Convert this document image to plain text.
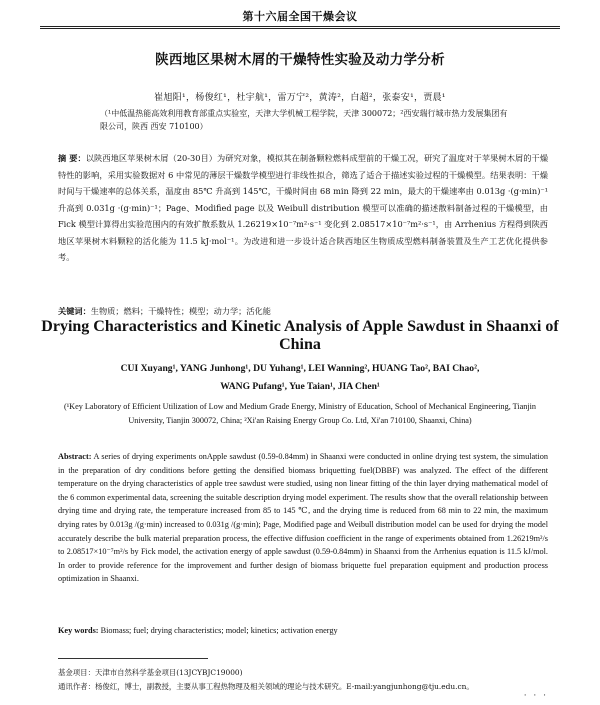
第十六届全国干燥会议
陕西地区果树木屑的干燥特性实验及动力学分析
崔旭阳¹，杨俊红¹，杜宇航¹，雷万宁²，黄涛²，白超²，张泰安¹，贾晨¹
（¹中低温热能高效利用教育部重点实验室，天津大学机械工程学院，天津 300072；²西安瑞行城市热力发展集团有限公司，陕西 西安 710100）
摘 要：以陕西地区苹果树木屑（20-30目）为研究对象，模拟其在制备颗粒燃料成型前的干燥工况，研究了温度对于苹果树木屑的干燥特性的影响，采用实验数据对 6 中常见的薄层干燥数学模型进行非线性拟合，筛选了适合于描述实验过程的干燥模型。结果表明：干燥时间与干燥速率的总体关系，温度由 85℃ 升高到 145℃，干燥时间由 68 min 降到 22 min，最大的干燥速率由 0.013g ·(g·min)⁻¹ 升高到 0.031g ·(g·min)⁻¹；Page、Modified page 以及 Weibull distribution 模型可以准确的描述散料制备过程的干燥模型，由 Fick 模型计算得出实验范围内的有效扩散系数从 1.26219×10⁻⁷m²·s⁻¹ 变化到 2.08517×10⁻⁷m²·s⁻¹，由 Arrhenius 方程得到陕西地区苹果树木料颗粒的活化能为 11.5 kJ·mol⁻¹。为改进和进一步设计适合陕西地区生物质成型燃料制备装置及生产工艺优化提供参考。
关键词：生物质；燃料；干燥特性；模型；动力学；活化能
Drying Characteristics and Kinetic Analysis of Apple Sawdust in Shaanxi of China
CUI Xuyang¹, YANG Junhong¹, DU Yuhang¹, LEI Wanning², HUANG Tao², BAI Chao²,
WANG Pufang¹, Yue Taian¹, JIA Chen¹
(¹Key Laboratory of Efficient Utilization of Low and Medium Grade Energy, Ministry of Education, School of Mechanical Engineering, Tianjin University, Tianjin 300072, China; ²Xi'an Raising Energy Group Co. Ltd, Xi'an 710100, Shaanxi, China)
Abstract: A series of drying experiments onApple sawdust (0.59-0.84mm) in Shaanxi were conducted in online drying test system, the simulation in the preparation of dry conditions before getting the densified biomass briquetting fuel(DBBF) was analyzed. The effect of the different temperature on the drying characteristics of apple tree sawdust were studied, using non linear fitting of the thin layer drying mathematical model of the 6 common experimental data, screening the suitable description drying model experiment. The results show that the overall relationship between drying time and drying rate, the temperature increased from 85 to 145 ℃, and the drying time is reduced from 68 min to 22 min, the maximum drying rates by 0.013g /(g·min) increased to 0.031g /(g·min); Page, Modified page and Weibull distribution model can be used for drying the model accurately describe the bulk material preparation process, the effective diffusion coefficient in the range of experiments obtained from 1.26219m²/s to 2.08517×10⁻⁷m²/s by Fick model, the activation energy of apple sawdust (0.59-0.84mm) in Shaanxi from the Arrhenius equation is 11.5 kJ/mol. In order to provide reference for the improvement and further design of biomass briquette fuel preparation equipment and production process optimization in Shaanxi.
Key words: Biomass; fuel; drying characteristics; model; kinetics; activation energy
基金项目：天津市自然科学基金项目(13JCYBJC19000)
通讯作者：杨俊红，博士，副教授，主要从事工程热物理及相关领域的理论与技术研究。E-mail:yangjunhong@tju.edu.cn。
· · ·
